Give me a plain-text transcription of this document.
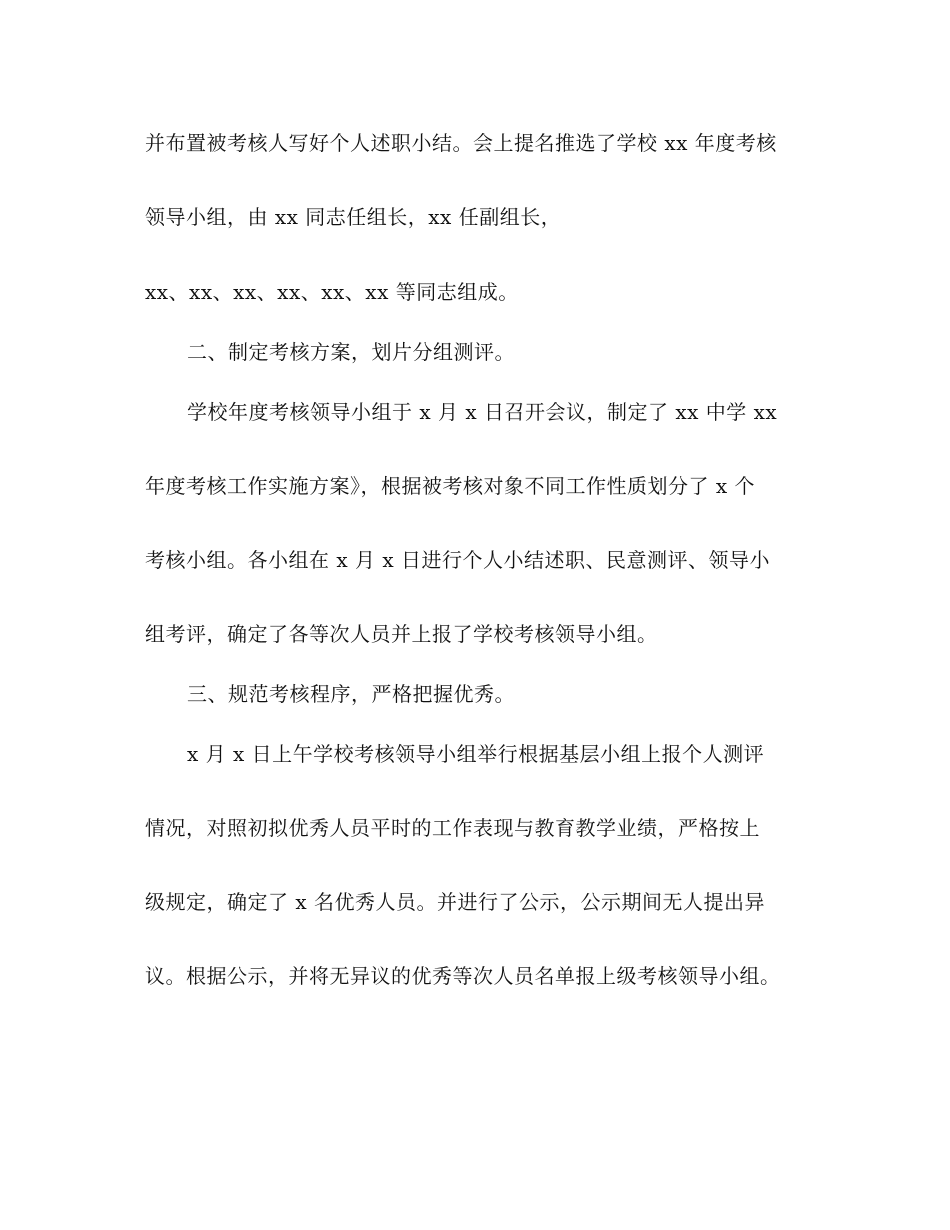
并布置被考核人写好个人述职小结。会上提名推选了学校 xx 年度考核
领导小组，由 xx 同志任组长，xx 任副组长，
xx、xx、xx、xx、xx、xx 等同志组成。
二、制定考核方案，划片分组测评。
学校年度考核领导小组于 x 月 x 日召开会议，制定了 xx 中学 xx
年度考核工作实施方案》，根据被考核对象不同工作性质划分了 x 个
考核小组。各小组在 x 月 x 日进行个人小结述职、民意测评、领导小
组考评，确定了各等次人员并上报了学校考核领导小组。
三、规范考核程序，严格把握优秀。
x 月 x 日上午学校考核领导小组举行根据基层小组上报个人测评
情况，对照初拟优秀人员平时的工作表现与教育教学业绩，严格按上
级规定，确定了 x 名优秀人员。并进行了公示，公示期间无人提出异
议。根据公示，并将无异议的优秀等次人员名单报上级考核领导小组。
